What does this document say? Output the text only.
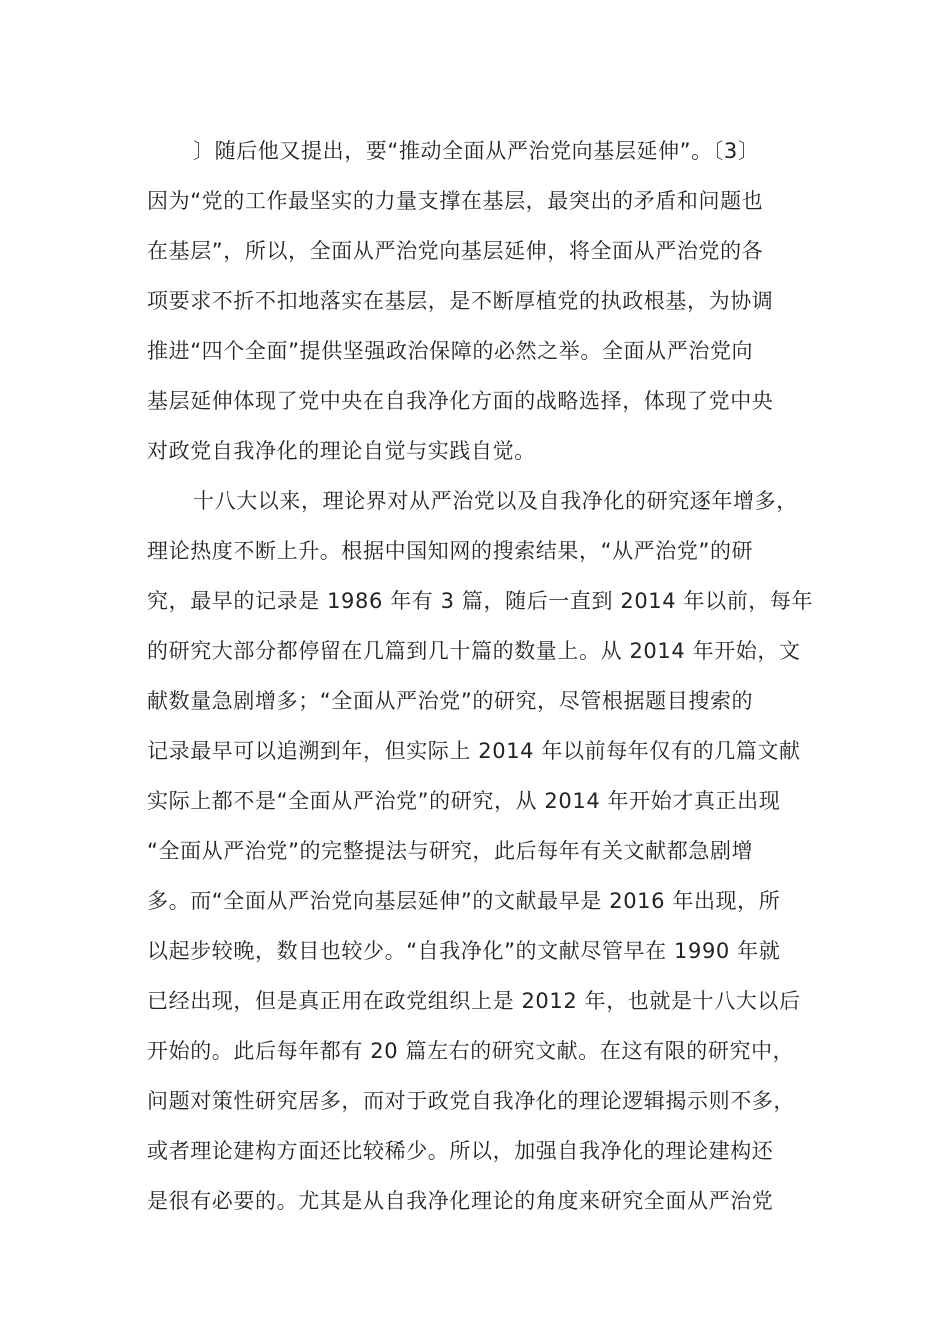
〕随后他又提出，要“推动全面从严治党向基层延伸”。〔3〕
因为“党的工作最坚实的力量支撑在基层，最突出的矛盾和问题也
在基层”，所以，全面从严治党向基层延伸，将全面从严治党的各
项要求不折不扣地落实在基层，是不断厚植党的执政根基，为协调
推进“四个全面”提供坚强政治保障的必然之举。全面从严治党向
基层延伸体现了党中央在自我净化方面的战略选择，体现了党中央
对政党自我净化的理论自觉与实践自觉。
十八大以来，理论界对从严治党以及自我净化的研究逐年增多，
理论热度不断上升。根据中国知网的搜索结果，“从严治党”的研
究，最早的记录是 1986 年有 3 篇，随后一直到 2014 年以前，每年
的研究大部分都停留在几篇到几十篇的数量上。从 2014 年开始，文
献数量急剧增多；“全面从严治党”的研究，尽管根据题目搜索的
记录最早可以追溯到年，但实际上 2014 年以前每年仅有的几篇文献
实际上都不是“全面从严治党”的研究，从 2014 年开始才真正出现
“全面从严治党”的完整提法与研究，此后每年有关文献都急剧增
多。而“全面从严治党向基层延伸”的文献最早是 2016 年出现，所
以起步较晚，数目也较少。“自我净化”的文献尽管早在 1990 年就
已经出现，但是真正用在政党组织上是 2012 年，也就是十八大以后
开始的。此后每年都有 20 篇左右的研究文献。在这有限的研究中，
问题对策性研究居多，而对于政党自我净化的理论逻辑揭示则不多，
或者理论建构方面还比较稀少。所以，加强自我净化的理论建构还
是很有必要的。尤其是从自我净化理论的角度来研究全面从严治党
